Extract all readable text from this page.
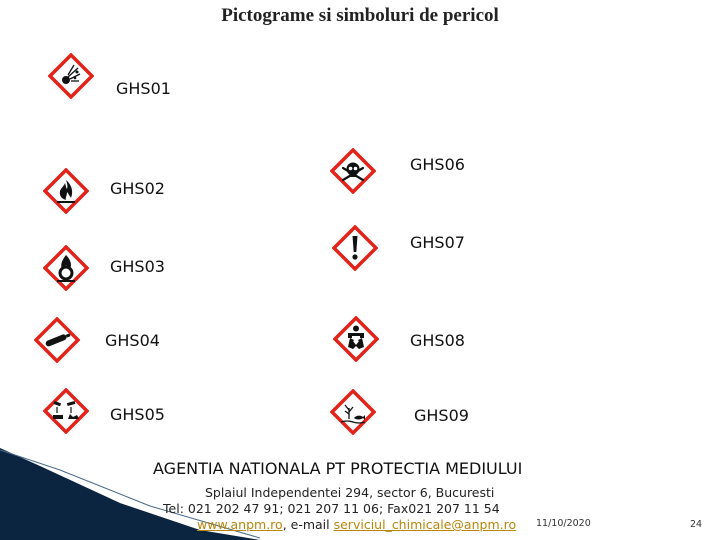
Pictograme si simboluri de pericol
GHS01
GHS02
GHS03
GHS04
GHS05
GHS06
GHS07
GHS08
GHS09
AGENTIA NATIONALA PT PROTECTIA MEDIULUI
Splaiul Independentei 294, sector 6, Bucuresti
Tel: 021 202 47 91; 021 207 11 06; Fax021 207 11 54
www.anpm.ro, e-mail serviciul_chimicale@anpm.ro 11/10/2020	24
